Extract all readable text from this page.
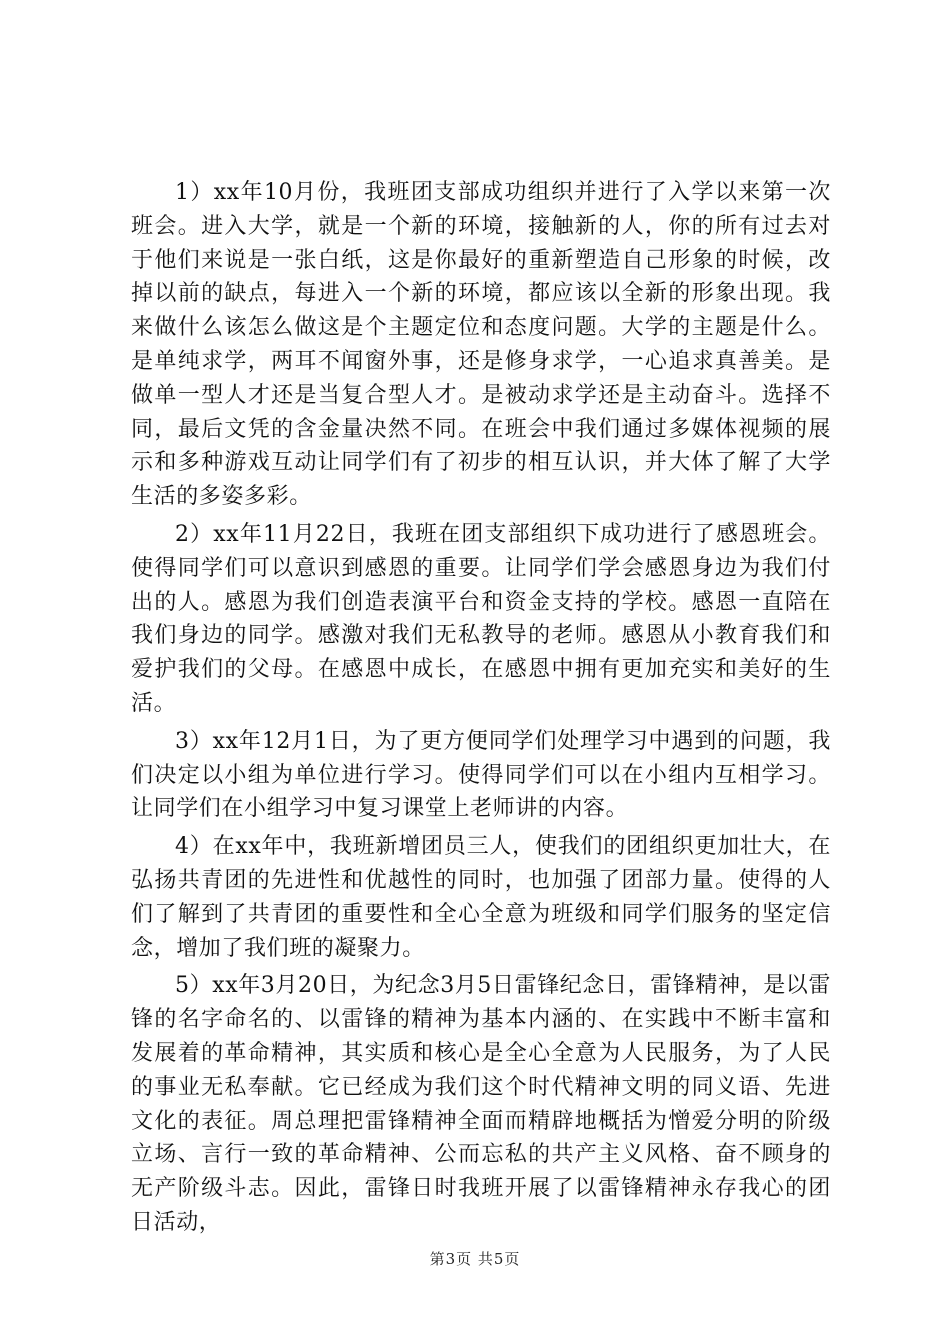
1）xx年10月份，我班团支部成功组织并进行了入学以来第一次班会。进入大学，就是一个新的环境，接触新的人，你的所有过去对于他们来说是一张白纸，这是你最好的重新塑造自己形象的时候，改掉以前的缺点，每进入一个新的环境，都应该以全新的形象出现。我来做什么该怎么做这是个主题定位和态度问题。大学的主题是什么。是单纯求学，两耳不闻窗外事，还是修身求学，一心追求真善美。是做单一型人才还是当复合型人才。是被动求学还是主动奋斗。选择不同，最后文凭的含金量决然不同。在班会中我们通过多媒体视频的展示和多种游戏互动让同学们有了初步的相互认识，并大体了解了大学生活的多姿多彩。

2）xx年11月22日，我班在团支部组织下成功进行了感恩班会。使得同学们可以意识到感恩的重要。让同学们学会感恩身边为我们付出的人。感恩为我们创造表演平台和资金支持的学校。感恩一直陪在我们身边的同学。感激对我们无私教导的老师。感恩从小教育我们和爱护我们的父母。在感恩中成长，在感恩中拥有更加充实和美好的生活。

3）xx年12月1日，为了更方便同学们处理学习中遇到的问题，我们决定以小组为单位进行学习。使得同学们可以在小组内互相学习。让同学们在小组学习中复习课堂上老师讲的内容。

4）在xx年中，我班新增团员三人，使我们的团组织更加壮大，在弘扬共青团的先进性和优越性的同时，也加强了团部力量。使得的人们了解到了共青团的重要性和全心全意为班级和同学们服务的坚定信念，增加了我们班的凝聚力。

5）xx年3月20日，为纪念3月5日雷锋纪念日，雷锋精神，是以雷锋的名字命名的、以雷锋的精神为基本内涵的、在实践中不断丰富和发展着的革命精神，其实质和核心是全心全意为人民服务，为了人民的事业无私奉献。它已经成为我们这个时代精神文明的同义语、先进文化的表征。周总理把雷锋精神全面而精辟地概括为憎爱分明的阶级立场、言行一致的革命精神、公而忘私的共产主义风格、奋不顾身的无产阶级斗志。因此，雷锋日时我班开展了以雷锋精神永存我心的团日活动，

第3页 共5页
